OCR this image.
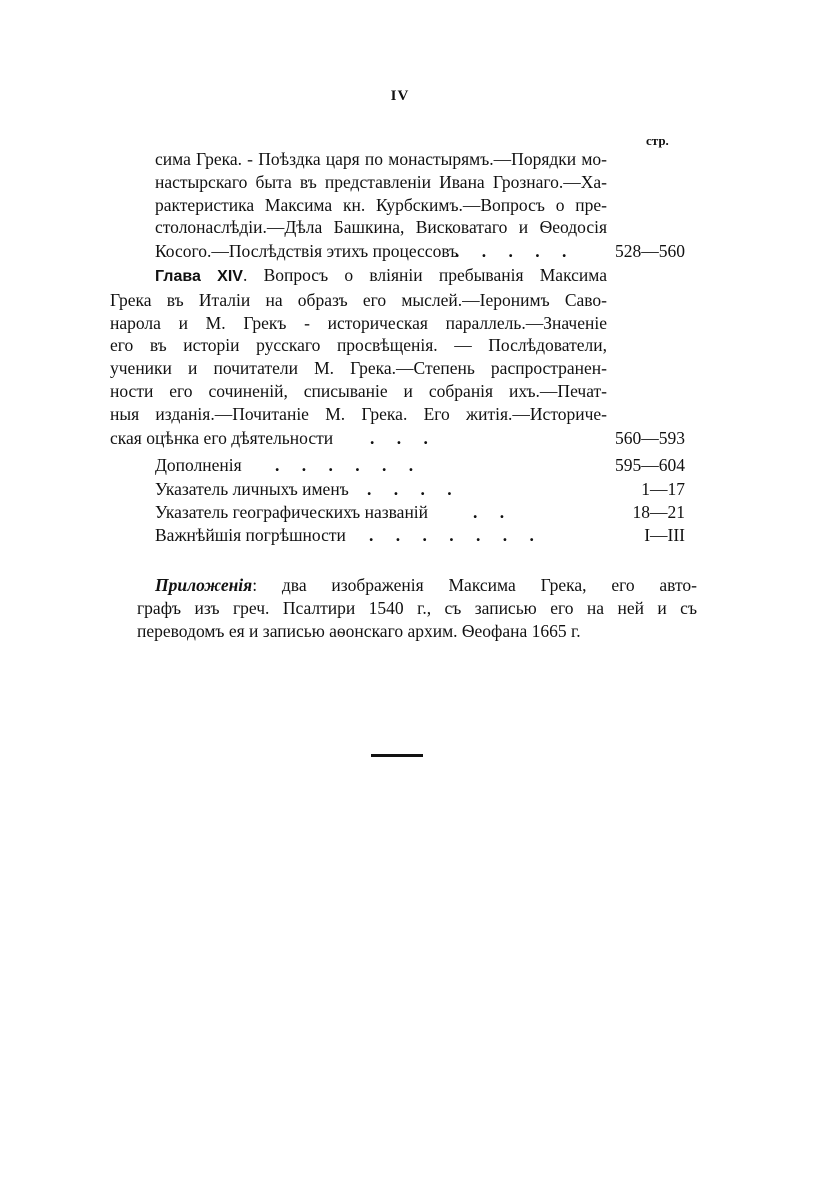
IV
стр.
сима Грека. - Поѣздка царя по монастырямъ.—Порядки мо-
настырскаго быта въ представленіи Ивана Грознаго.—Ха-
рактеристика Максима кн. Курбскимъ.—Вопросъ о пре-
столонаслѣдіи.—Дѣла Башкина, Висковатаго и Ѳеодосія
Косого.—Послѣдствія этихъ процессовъ
. . . . . 528—560
Глава XIV. Вопросъ о вліяніи пребыванія Максима
Грека въ Италіи на образъ его мыслей.—Іеронимъ Саво-
нарола и М. Грекъ - историческая параллель.—Значеніе
его въ исторіи русскаго просвѣщенія. — Послѣдователи,
ученики и почитатели М. Грека.—Степень распространен-
ности его сочиненій, списываніе и собранія ихъ.—Печат-
ныя изданія.—Почитаніе М. Грека. Его житія.—Историче-
ская оцѣнка его дѣятельности . . .	560—593
Дополненія . . . . . .	595—604
Указатель личныхъ именъ . . . .	1—17
Указатель географическихъ названій	. .	18—21
Важнѣйшія погрѣшности . . . . . . .	I—III
Приложенія: два изображенія Максима Грека, его авто-
графъ изъ греч. Псалтири 1540 г., съ записью его на ней и съ
переводомъ ея и записью аѳонскаго архим. Ѳеофана 1665 г.
